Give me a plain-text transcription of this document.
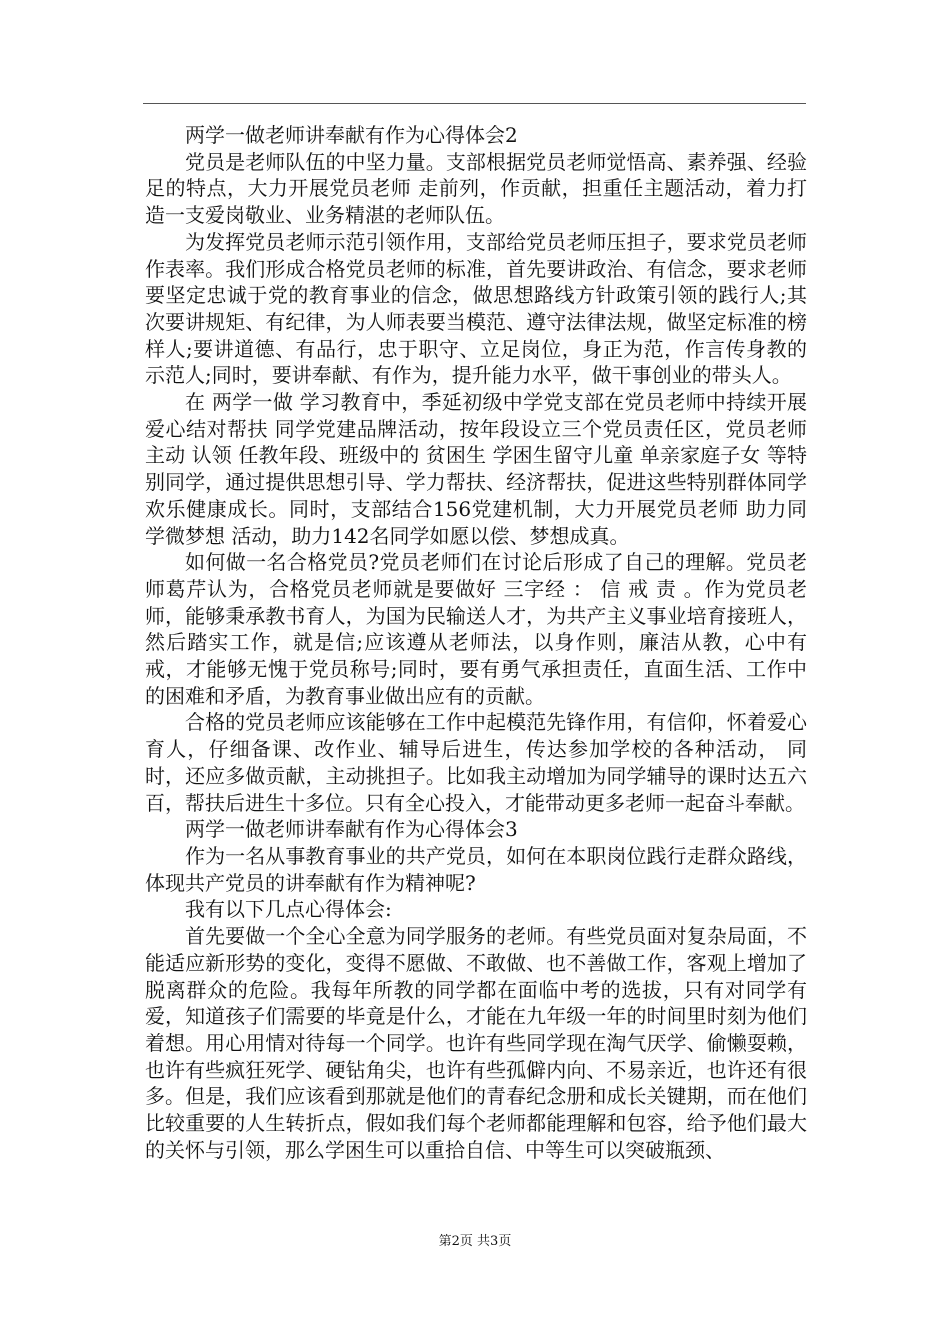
两学一做老师讲奉献有作为心得体会2

党员是老师队伍的中坚力量。支部根据党员老师觉悟高、素养强、经验足的特点，大力开展党员老师 走前列，作贡献，担重任主题活动，着力打造一支爱岗敬业、业务精湛的老师队伍。

为发挥党员老师示范引领作用，支部给党员老师压担子，要求党员老师作表率。我们形成合格党员老师的标准，首先要讲政治、有信念，要求老师要坚定忠诚于党的教育事业的信念，做思想路线方针政策引领的践行人;其次要讲规矩、有纪律，为人师表要当模范、遵守法律法规，做坚定标准的榜样人;要讲道德、有品行，忠于职守、立足岗位，身正为范，作言传身教的示范人;同时，要讲奉献、有作为，提升能力水平，做干事创业的带头人。

在 两学一做 学习教育中，季延初级中学党支部在党员老师中持续开展 爱心结对帮扶 同学党建品牌活动，按年段设立三个党员责任区，党员老师主动 认领 任教年段、班级中的 贫困生 学困生留守儿童 单亲家庭子女 等特别同学，通过提供思想引导、学力帮扶、经济帮扶，促进这些特别群体同学欢乐健康成长。同时，支部结合156党建机制，大力开展党员老师 助力同学微梦想 活动，助力142名同学如愿以偿、梦想成真。

如何做一名合格党员?党员老师们在讨论后形成了自己的理解。党员老师葛芹认为，合格党员老师就是要做好 三字经 ： 信 戒 责 。作为党员老师，能够秉承教书育人，为国为民输送人才，为共产主义事业培育接班人，然后踏实工作，就是信;应该遵从老师法，以身作则，廉洁从教，心中有戒，才能够无愧于党员称号;同时，要有勇气承担责任，直面生活、工作中的困难和矛盾，为教育事业做出应有的贡献。

合格的党员老师应该能够在工作中起模范先锋作用，有信仰，怀着爱心育人，仔细备课、改作业、辅导后进生，传达参加学校的各种活动， 同时，还应多做贡献，主动挑担子。比如我主动增加为同学辅导的课时达五六百，帮扶后进生十多位。只有全心投入，才能带动更多老师一起奋斗奉献。

两学一做老师讲奉献有作为心得体会3

作为一名从事教育事业的共产党员，如何在本职岗位践行走群众路线，体现共产党员的讲奉献有作为精神呢?

我有以下几点心得体会:

首先要做一个全心全意为同学服务的老师。有些党员面对复杂局面，不能适应新形势的变化，变得不愿做、不敢做、也不善做工作，客观上增加了脱离群众的危险。我每年所教的同学都在面临中考的选拔，只有对同学有爱，知道孩子们需要的毕竟是什么，才能在九年级一年的时间里时刻为他们着想。用心用情对待每一个同学。也许有些同学现在淘气厌学、偷懒耍赖，也许有些疯狂死学、硬钻角尖，也许有些孤僻内向、不易亲近，也许还有很多。但是，我们应该看到那就是他们的青春纪念册和成长关键期，而在他们比较重要的人生转折点，假如我们每个老师都能理解和包容，给予他们最大的关怀与引领，那么学困生可以重拾自信、中等生可以突破瓶颈、

第2页 共3页
